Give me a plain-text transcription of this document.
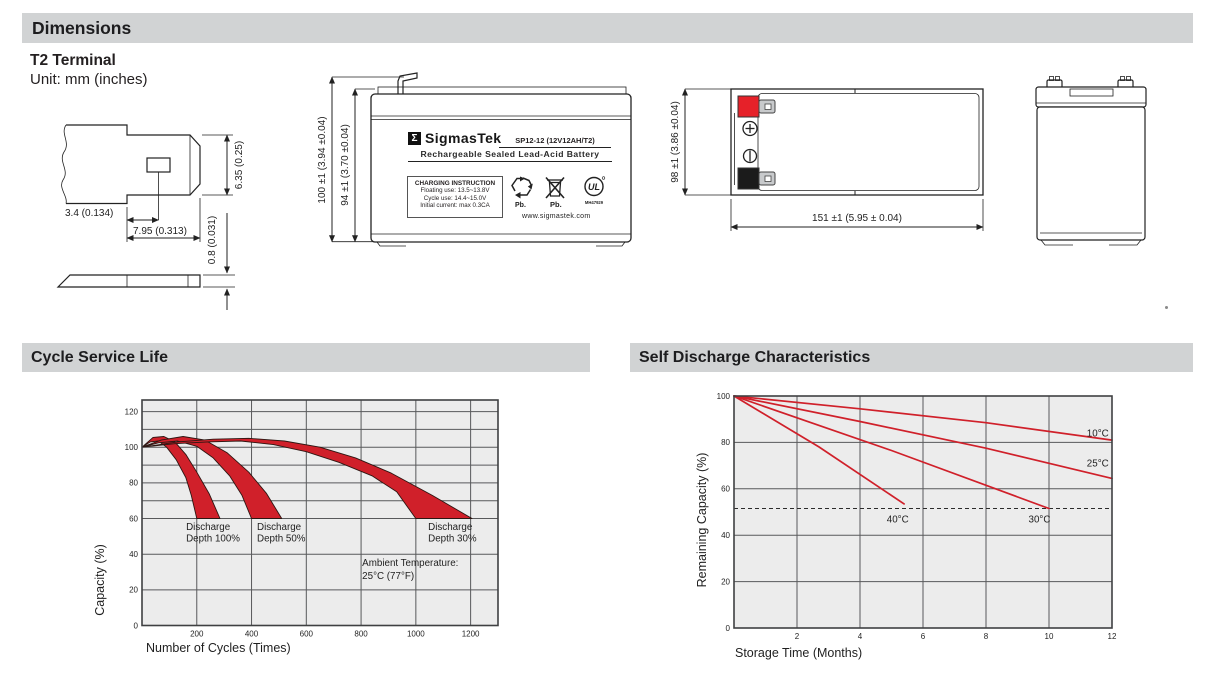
Dimensions
T2 Terminal
Unit: mm (inches)
6.35 (0.25)
3.4 (0.134)
7.95 (0.313) 0.8 (0.031)
100 ±1 (3.94 ±0.04) 94 ±1 (3.70 ±0.04)	Σ SigmasTek	SP12-12 (12V12AH/T2)
Rechargeable Sealed Lead-Acid Battery
CHARGING INSTRUCTION
Floating use: 13.5~13.8V
Cycle use: 14.4~15.0V
Initial current: max 0.3CA	Pb.	Pb.
UL
MH47929
www.sigmastek.com
98 ±1 (3.86 ±0.04)
151 ±1 (5.95 ± 0.04)
Cycle Service Life	Self Discharge Characteristics
200	400	600	800	1000	1200
0
20
40
60
80
100
120
Discharge
Depth 100%
Discharge
Depth 50%
Discharge
Depth 30%
Ambient Temperature:
25°C (77°F)
Number of Cycles (Times)
Capacity (%)
2	4	6	8	10	12
0
20
40
60
80
100
10°C
25°C
40°C	30°C
Storage Time (Months)
Remaining Capacity (%)
